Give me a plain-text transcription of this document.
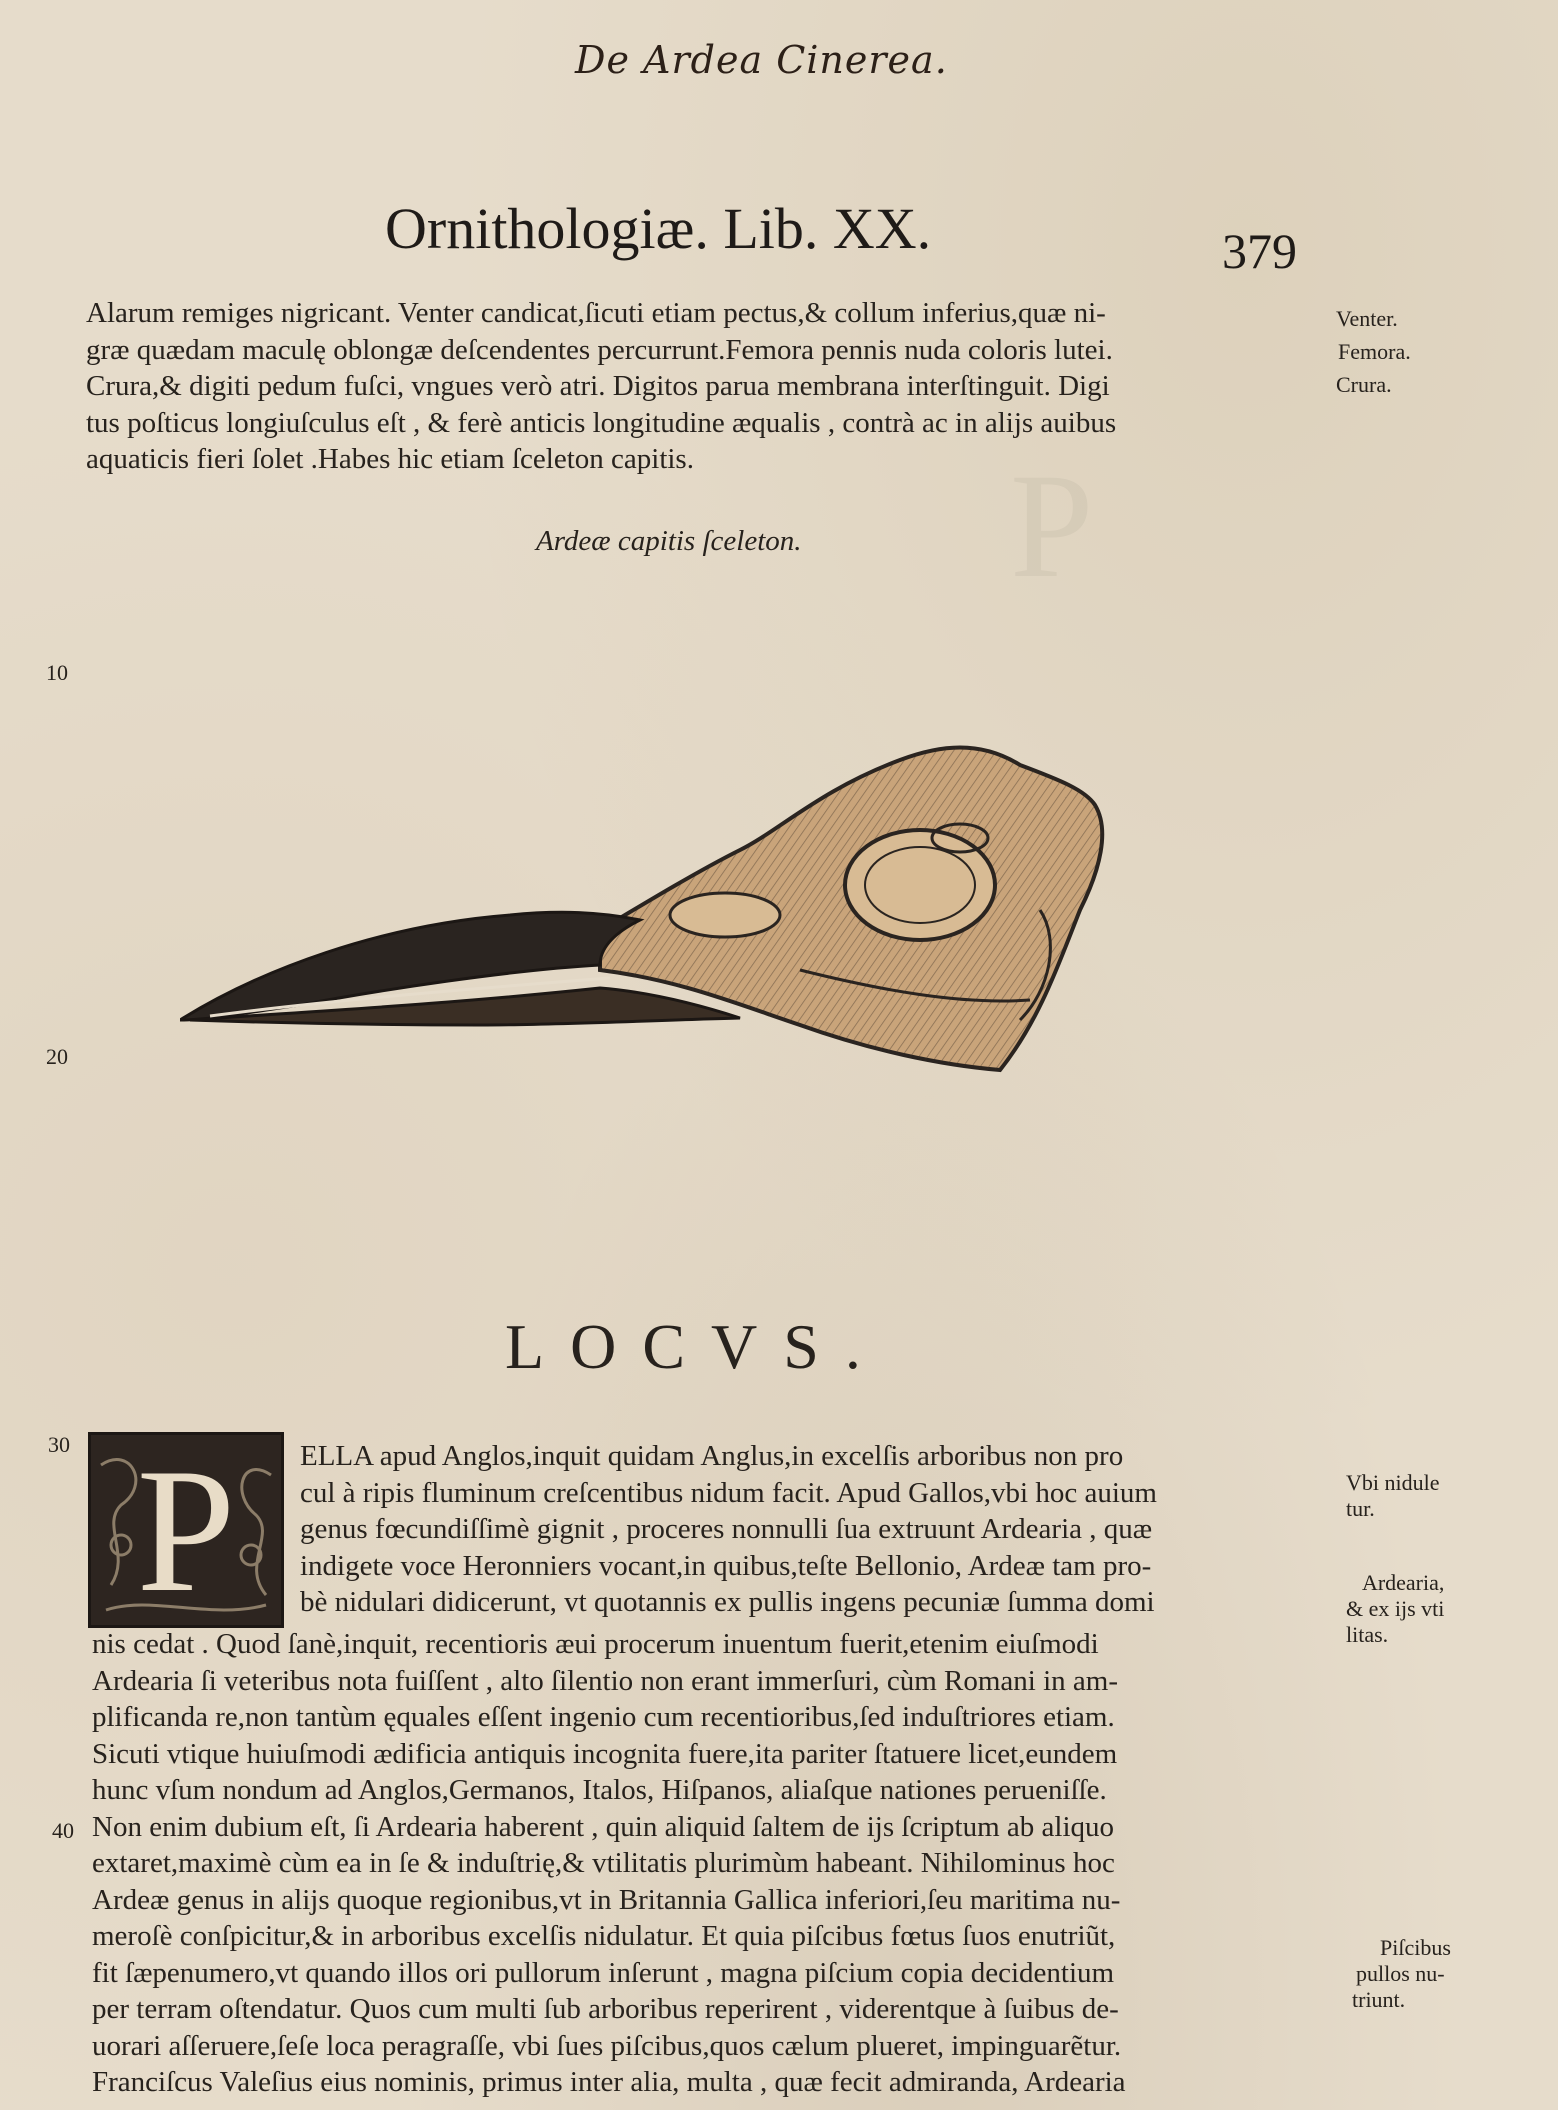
P
De Ardea Cinerea.
Ornithologiæ. Lib. XX.	379
Alarum remiges nigricant. Venter candicat,ſicuti etiam pectus,& collum inferius,quæ ni-
græ quædam maculę oblongæ deſcendentes percurrunt.Femora pennis nuda coloris lutei.
Crura,& digiti pedum fuſci, vngues verò atri. Digitos parua membrana interſtinguit. Digi
tus poſticus longiuſculus eſt , & ferè anticis longitudine æqualis , contrà ac in alijs auibus
aquaticis fieri ſolet .Habes hic etiam ſceleton capitis.
Venter.
Femora.
Crura.
Ardeæ capitis ſceleton.
10
20
30
40
LOCVS.
P	ELLA apud Anglos,inquit quidam Anglus,in excelſis arboribus non pro
cul à ripis fluminum creſcentibus nidum facit. Apud Gallos,vbi hoc auium
genus fœcundiſſimè gignit , proceres nonnulli ſua extruunt Ardearia , quæ
indigete voce Heronniers vocant,in quibus,teſte Bellonio, Ardeæ tam pro-
bè nidulari didicerunt, vt quotannis ex pullis ingens pecuniæ ſumma domi
nis cedat . Quod ſanè,inquit, recentioris æui procerum inuentum fuerit,etenim eiuſmodi
Ardearia ſi veteribus nota fuiſſent , alto ſilentio non erant immerſuri, cùm Romani in am-
plificanda re,non tantùm ęquales eſſent ingenio cum recentioribus,ſed induſtriores etiam.
Sicuti vtique huiuſmodi ædificia antiquis incognita fuere,ita pariter ſtatuere licet,eundem
hunc vſum nondum ad Anglos,Germanos, Italos, Hiſpanos, aliaſque nationes perueniſſe.
Non enim dubium eſt, ſi Ardearia haberent , quin aliquid ſaltem de ijs ſcriptum ab aliquo
extaret,maximè cùm ea in ſe & induſtrię,& vtilitatis plurimùm habeant. Nihilominus hoc
Ardeæ genus in alijs quoque regionibus,vt in Britannia Gallica inferiori,ſeu maritima nu-
meroſè conſpicitur,& in arboribus excelſis nidulatur. Et quia piſcibus fœtus ſuos enutriũt,
fit ſæpenumero,vt quando illos ori pullorum inſerunt , magna piſcium copia decidentium
per terram oſtendatur. Quos cum multi ſub arboribus reperirent , viderentque à ſuibus de-
uorari aſſeruere,ſeſe loca peragraſſe, vbi ſues piſcibus,quos cælum plueret, impinguarẽtur.
Franciſcus Valeſius eius nominis, primus inter alia, multa , quæ fecit admiranda, Ardearia
Vbi nidule
tur.
Ardearia,
& ex ijs vti
litas.
Piſcibus
pullos nu-
triunt.
